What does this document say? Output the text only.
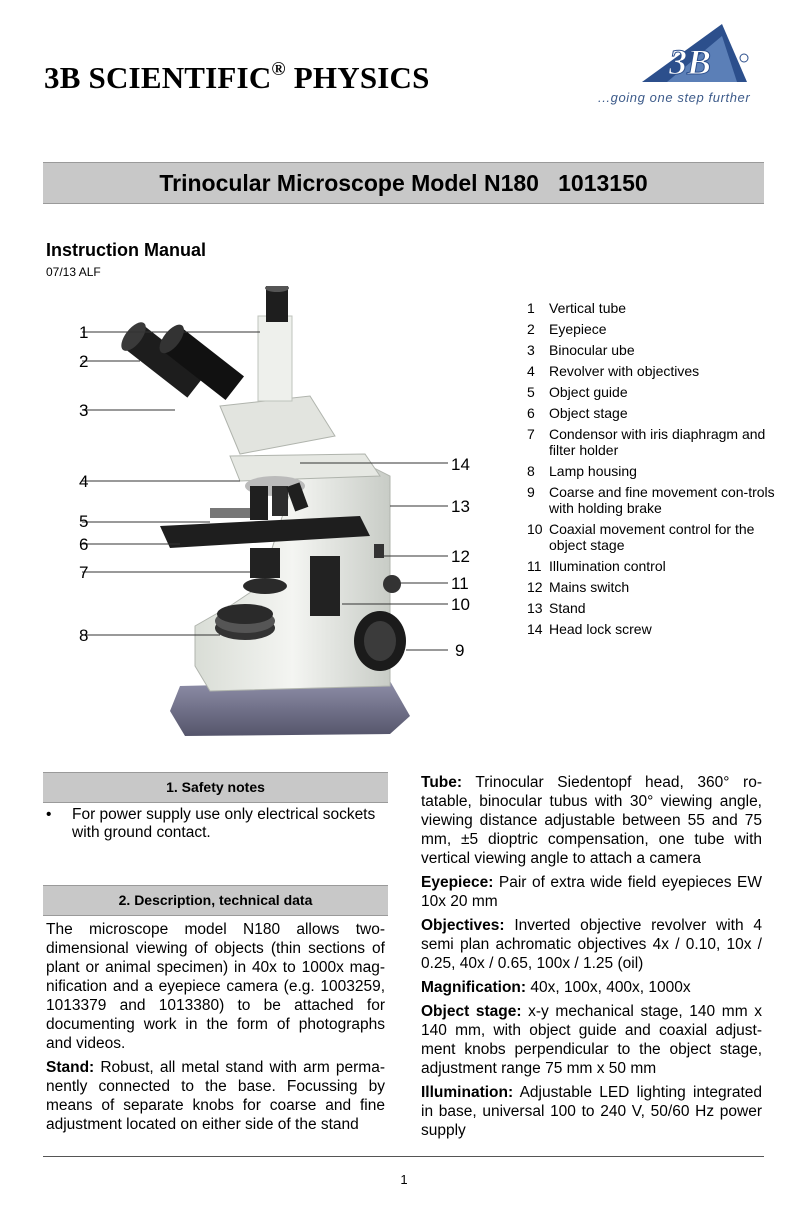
3B SCIENTIFIC® PHYSICS	3B
...going one step further
Trinocular Microscope Model N180   1013150
Instruction Manual
07/13 ALF
1
2
3
4
5
6
7
8
14
13
12
11
10
9
1	Vertical tube
2	Eyepiece
3	Binocular ube
4	Revolver with objectives
5	Object guide
6	Object stage
7	Condensor with iris diaphragm and filter holder
8	Lamp housing
9	Coarse and fine movement con-trols with holding brake
10 Coaxial movement control for the object stage
11 Illumination control
12 Mains switch
13 Stand
14 Head lock screw
1. Safety notes
•	For power supply use only electrical sockets with ground contact.
2. Description, technical data

The microscope model N180 allows two-dimensional viewing of objects (thin sections of plant or animal specimen) in 40x to 1000x mag-nification and a eyepiece camera (e.g. 1003259, 1013379 and 1013380) to be attached for documenting work in the form of photographs and videos.

Stand: Robust, all metal stand with arm perma-nently connected to the base. Focussing by means of separate knobs for coarse and fine adjustment located on either side of the stand

Tube: Trinocular Siedentopf head, 360° ro-tatable, binocular tubus with 30° viewing angle, viewing distance adjustable between 55 and 75 mm, ±5 dioptric compensation, one tube with vertical viewing angle to attach a camera

Eyepiece: Pair of extra wide field eyepieces EW 10x 20 mm

Objectives: Inverted objective revolver with 4 semi plan achromatic objectives 4x / 0.10, 10x / 0.25, 40x / 0.65, 100x / 1.25 (oil)

Magnification: 40x, 100x, 400x, 1000x

Object stage: x-y mechanical stage, 140 mm x 140 mm, with object guide and coaxial adjust-ment knobs perpendicular to the object stage, adjustment range 75 mm x 50 mm

Illumination: Adjustable LED lighting integrated in base, universal 100 to 240 V, 50/60 Hz power supply

1
